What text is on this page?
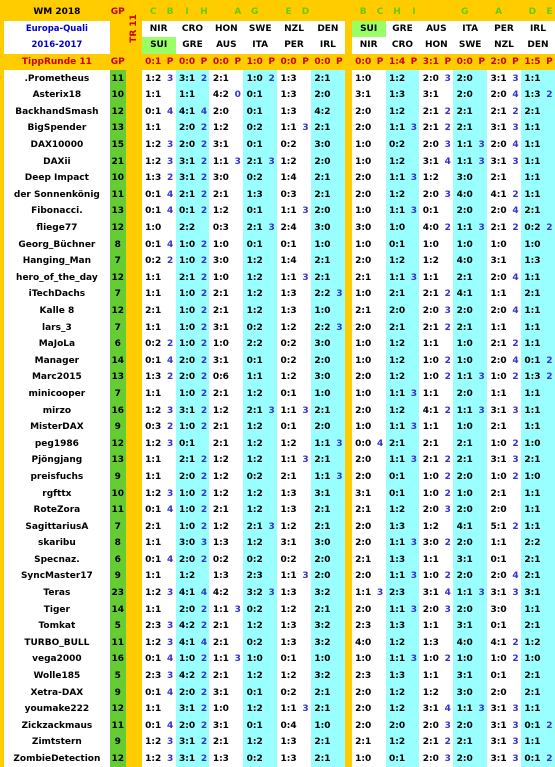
WM 2018	GP	TR 11	C	B	I	H		A	G		E	D				B	C	H	I			G		A		D	E
Europa-Quali			NIR		CRO		HON		SWE		NZL		DEN			SUI		GRE		AUS		ITA		PER		IRL	
2016-2017			SUI		GRE		AUS		ITA		PER		IRL			NIR		CRO		HON		SWE		NZL		DEN	
TippRunde 11	GP		0:1	P	0:0	P	0:0	P	1:0	P	0:0	P	0:0	P		0:0	P	1:4	P	3:1	P	0:0	P	2:0	P	1:5	P
.Prometheus	11		1:2	3	3:1	2	2:1		1:0	2	1:3		2:1			1:0		1:2		2:0	3	2:0		3:1	3	1:1	
Asterix18	10		1:1		1:1		4:2	0	0:1		1:3		2:0			3:1		1:3		3:1		2:0		2:0	4	1:3	2
BackhandSmash	12		0:1	4	4:1	4	2:0		0:1		1:3		4:2			2:0		1:2		2:1	2	2:1		2:1	2	2:1	
BigSpender	13		1:1		2:0	2	1:2		0:2		1:1	3	2:1			2:0		1:1	3	2:1	2	2:1		3:1	3	1:1	
DAX10000	15		1:2	3	2:0	2	3:1		0:1		0:2		3:0			1:0		0:2		2:0	3	1:1	3	2:0	4	1:1	
DAXii	21		1:2	3	3:1	2	1:1	3	2:1	3	1:2		2:0			1:0		1:2		3:1	4	1:1	3	3:1	3	1:1	
Deep Impact	10		1:3	2	3:1	2	3:0		0:2		1:4		2:1			2:0		1:1	3	1:2		3:0		2:1		1:1	
der Sonnenkönig	11		0:1	4	2:1	2	2:1		1:3		0:3		2:1			2:0		1:2		2:0	3	4:0		4:1	2	1:1	
Fibonacci.	13		0:1	4	0:1	2	1:2		0:1		1:1	3	2:0			1:0		1:1	3	0:1		2:0		2:0	4	2:1	
fliege77	12		1:0		2:2		0:3		2:1	3	2:4		3:0			3:0		1:0		4:0	2	1:1	3	2:1	2	0:2	2
Georg_Büchner	8		0:1	4	1:0	2	1:0		0:1		0:1		1:0			1:0		0:1		1:0		1:0		1:0		1:0	
Hanging_Man	7		0:2	2	1:0	2	3:0		1:2		1:4		2:1			2:0		1:2		1:2		4:0		3:1		1:3	
hero_of_the_day	12		1:1		2:1	2	1:0		1:2		1:1	3	2:1			2:1		1:1	3	1:1		2:1		2:0	4	1:1	
iTechDachs	7		1:1		1:0	2	2:1		1:2		1:3		2:2	3		1:0		2:1		2:1	2	4:1		1:1		2:1	
Kalle 8	12		2:1		1:0	2	2:1		1:2		1:3		1:0			2:1		2:0		2:0	3	2:0		2:0	4	1:1	
lars_3	7		1:1		1:0	2	3:1		0:2		1:2		2:2	3		2:0		2:1		2:1	2	2:1		1:1		1:1	
MaJoLa	6		0:2	2	1:0	2	1:0		2:2		0:2		3:0			1:0		1:2		1:1		1:0		2:1	2	1:1	
Manager	14		0:1	4	2:0	2	3:1		0:1		0:2		2:0			1:0		1:2		1:0	2	1:0		2:0	4	0:1	2
Marc2015	13		1:3	2	2:0	2	0:6		1:1		1:2		3:0			2:0		1:2		1:0	2	1:1	3	1:0	2	1:3	2
minicooper	7		1:1		1:0	2	2:1		1:2		0:1		1:0			1:0		1:1	3	1:1		2:0		1:1		1:1	
mirzo	16		1:2	3	3:1	2	1:2		2:1	3	1:1	3	2:1			2:0		1:2		4:1	2	1:1	3	3:1	3	1:1	
MisterDAX	9		0:3	2	1:0	2	2:1		1:2		0:1		2:0			1:0		1:1	3	1:1		1:0		2:1		1:1	
peg1986	12		1:2	3	0:1		2:1		1:2		1:2		1:1	3		0:0	4	2:1		2:1		2:1		1:0	2	1:0	
Pjöngjang	13		1:1		2:1	2	1:2		1:2		1:1	3	2:1			2:0		1:1	3	2:1	2	2:1		3:1	3	2:1	
preisfuchs	9		1:1		2:0	2	1:2		0:2		2:1		1:1	3		2:0		0:1		1:0	2	2:0		1:0	2	1:0	
rgfttx	10		1:2	3	1:0	2	1:2		1:2		1:3		3:1			3:1		0:1		1:0	2	1:0		2:1		1:1	
RoteZora	11		0:1	4	1:0	2	2:1		1:2		1:3		2:1			2:1		1:2		2:0	3	2:0		2:0		1:1	
SagittariusA	7		2:1		1:0	2	1:2		2:1	3	1:2		2:1			2:0		1:3		1:2		4:1		5:1	2	1:1	
skaribu	8		1:1		3:0	3	1:3		1:2		3:1		3:0			2:0		1:1	3	3:0	2	2:0		1:1		2:2	
Specnaz.	6		0:1	4	2:0	2	0:2		0:2		0:2		2:0			2:1		1:3		1:1		3:1		0:1		2:1	
SyncMaster17	9		1:1		1:2		1:3		2:3		1:1	3	2:0			2:0		1:1	3	1:0	2	2:0		2:0	4	2:1	
Teras	23		1:2	3	4:1	4	4:2		3:2	3	1:3		3:2			1:1	3	2:3		3:1	4	1:1	3	3:1	3	3:1	
Tiger	14		1:1		2:0	2	1:1	3	0:2		1:2		2:1			2:0		1:1	3	2:0	3	2:0		3:0		1:1	
Tomkat	5		2:3	3	4:2	2	2:1		1:2		1:3		3:2			2:3		1:3		1:1		3:1		0:1		2:1	
TURBO_BULL	11		1:2	3	4:1	4	2:1		0:2		1:3		3:2			4:0		1:2		1:3		4:0		4:1	2	1:2	
vega2000	16		0:1	4	1:0	2	1:1	3	1:0		0:1		1:0			1:0		1:1	3	1:0	2	1:0		1:0	2	1:0	
Wolle185	5		2:3	3	4:2	2	2:1		1:2		1:2		3:2			2:3		1:3		1:1		3:1		0:1		2:1	
Xetra-DAX	9		0:1	4	2:0	2	3:1		0:1		0:2		2:1			2:0		1:2		1:2		3:0		2:0		2:1	
youmake222	12		1:1		3:1	2	1:0		1:2		1:1	3	2:1			2:0		1:2		3:1	4	1:1	3	3:1	3	1:1	
Zickzackmaus	11		0:1	4	2:0	2	3:1		0:1		0:4		1:0			2:0		2:0		2:0	3	2:0		3:1	3	0:1	2
Zimtstern	9		1:2	3	3:1	2	2:1		1:2		1:3		2:1			2:1		1:2		2:1	2	2:1		3:1	3	1:1	
ZombieDetection	12		1:2	3	3:1	2	1:3		0:2		1:3		2:1			1:0		0:1		2:0	3	2:0		3:1	3	0:1	2
